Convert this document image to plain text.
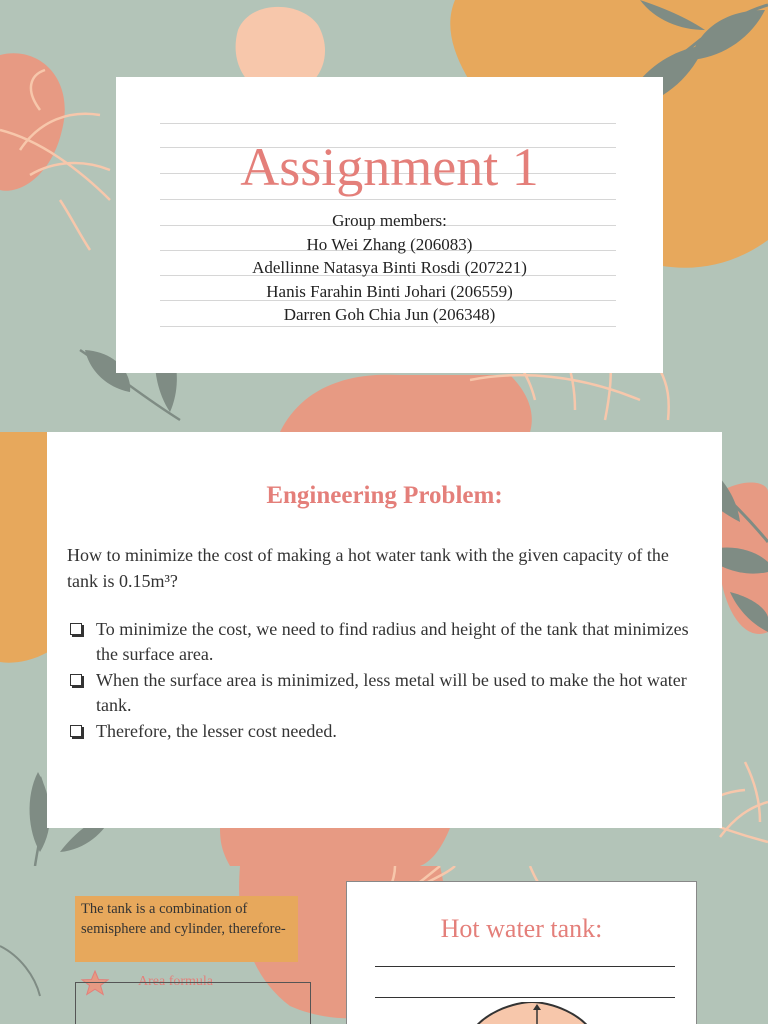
Assignment 1
Group members:
Ho Wei Zhang (206083)
Adellinne Natasya Binti Rosdi (207221)
Hanis Farahin Binti Johari (206559)
Darren Goh Chia Jun (206348)
Engineering Problem:
How to minimize the cost of making a hot water tank with the given capacity of the tank is 0.15m³?
To minimize the cost, we need to find radius and height of the tank that minimizes the surface area.
When the surface area is minimized, less metal will be used to make the hot water tank.
Therefore, the lesser cost needed.
The tank is a combination of semisphere and cylinder, therefore-
Area formula
Hot water tank:
